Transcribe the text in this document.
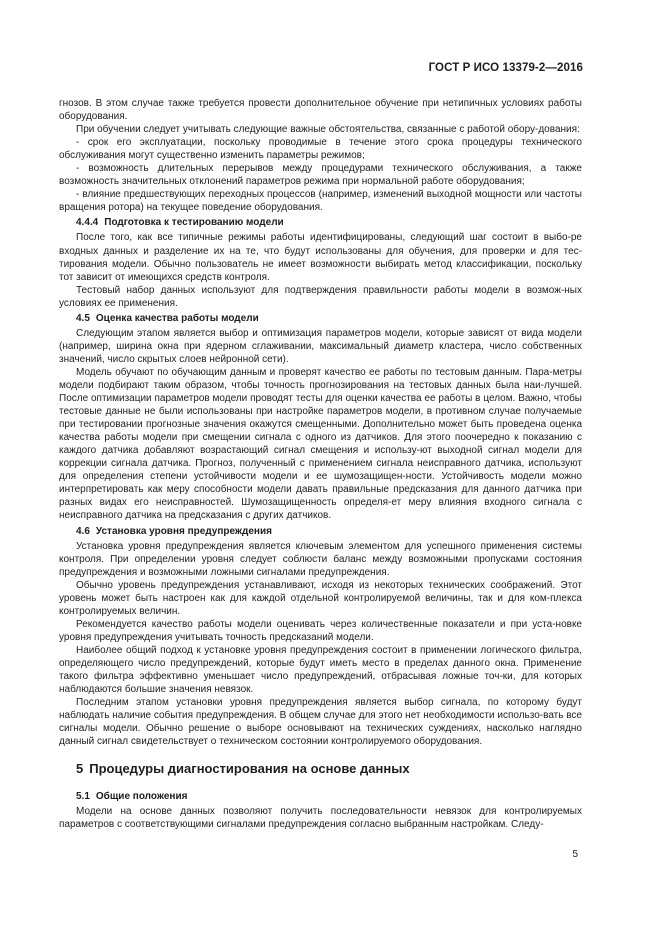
ГОСТ Р ИСО 13379-2—2016

гнозов. В этом случае также требуется провести дополнительное обучение при нетипичных условиях работы оборудования.

При обучении следует учитывать следующие важные обстоятельства, связанные с работой обору-дования:

- срок его эксплуатации, поскольку проводимые в течение этого срока процедуры технического обслуживания могут существенно изменить параметры режимов;

- возможность длительных перерывов между процедурами технического обслуживания, а также возможность значительных отклонений параметров режима при нормальной работе оборудования;

- влияние предшествующих переходных процессов (например, изменений выходной мощности или частоты вращения ротора) на текущее поведение оборудования.

4.4.4 Подготовка к тестированию модели

После того, как все типичные режимы работы идентифицированы, следующий шаг состоит в выбо-ре входных данных и разделение их на те, что будут использованы для обучения, для проверки и для тес-тирования модели. Обычно пользователь не имеет возможности выбирать метод классификации, поскольку тот зависит от имеющихся средств контроля.

Тестовый набор данных используют для подтверждения правильности работы модели в возмож-ных условиях ее применения.

4.5 Оценка качества работы модели

Следующим этапом является выбор и оптимизация параметров модели, которые зависят от вида модели (например, ширина окна при ядерном сглаживании, максимальный диаметр кластера, число собственных значений, число скрытых слоев нейронной сети).

Модель обучают по обучающим данным и проверят качество ее работы по тестовым данным. Пара-метры модели подбирают таким образом, чтобы точность прогнозирования на тестовых данных была наи-лучшей. После оптимизации параметров модели проводят тесты для оценки качества ее работы в целом. Важно, чтобы тестовые данные не были использованы при настройке параметров модели, в противном случае получаемые при тестировании прогнозные значения окажутся смещенными. Дополнительно может быть проведена оценка качества работы модели при смещении сигнала с одного из датчиков. Для этого поочередно к показанию с каждого датчика добавляют возрастающий сигнал смещения и использу-ют выходной сигнал модели для коррекции сигнала датчика. Прогноз, полученный с применением сигнала неисправного датчика, используют для определения степени устойчивости модели и ее шумозащищен-ности. Устойчивость модели можно интерпретировать как меру способности модели давать правильные предсказания для данного датчика при разных видах его неисправностей. Шумозащищенность определя-ет меру влияния входного сигнала с неисправного датчика на предсказания с других датчиков.

4.6 Установка уровня предупреждения

Установка уровня предупреждения является ключевым элементом для успешного применения системы контроля. При определении уровня следует соблюсти баланс между возможными пропусками состояния предупреждения и возможными ложными сигналами предупреждения.

Обычно уровень предупреждения устанавливают, исходя из некоторых технических соображений. Этот уровень может быть настроен как для каждой отдельной контролируемой величины, так и для ком-плекса контролируемых величин.

Рекомендуется качество работы модели оценивать через количественные показатели и при уста-новке уровня предупреждения учитывать точность предсказаний модели.

Наиболее общий подход к установке уровня предупреждения состоит в применении логического фильтра, определяющего число предупреждений, которые будут иметь место в пределах данного окна. Применение такого фильтра эффективно уменьшает число предупреждений, отбрасывая ложные точ-ки, для которых наблюдаются большие значения невязок.

Последним этапом установки уровня предупреждения является выбор сигнала, по которому будут наблюдать наличие события предупреждения. В общем случае для этого нет необходимости использо-вать все сигналы модели. Обычно решение о выборе основывают на технических суждениях, насколько наглядно данный сигнал свидетельствует о техническом состоянии контролируемого оборудования.

5 Процедуры диагностирования на основе данных

5.1 Общие положения

Модели на основе данных позволяют получить последовательности невязок для контролируемых параметров с соответствующими сигналами предупреждения согласно выбранным настройкам. Следу-

5
